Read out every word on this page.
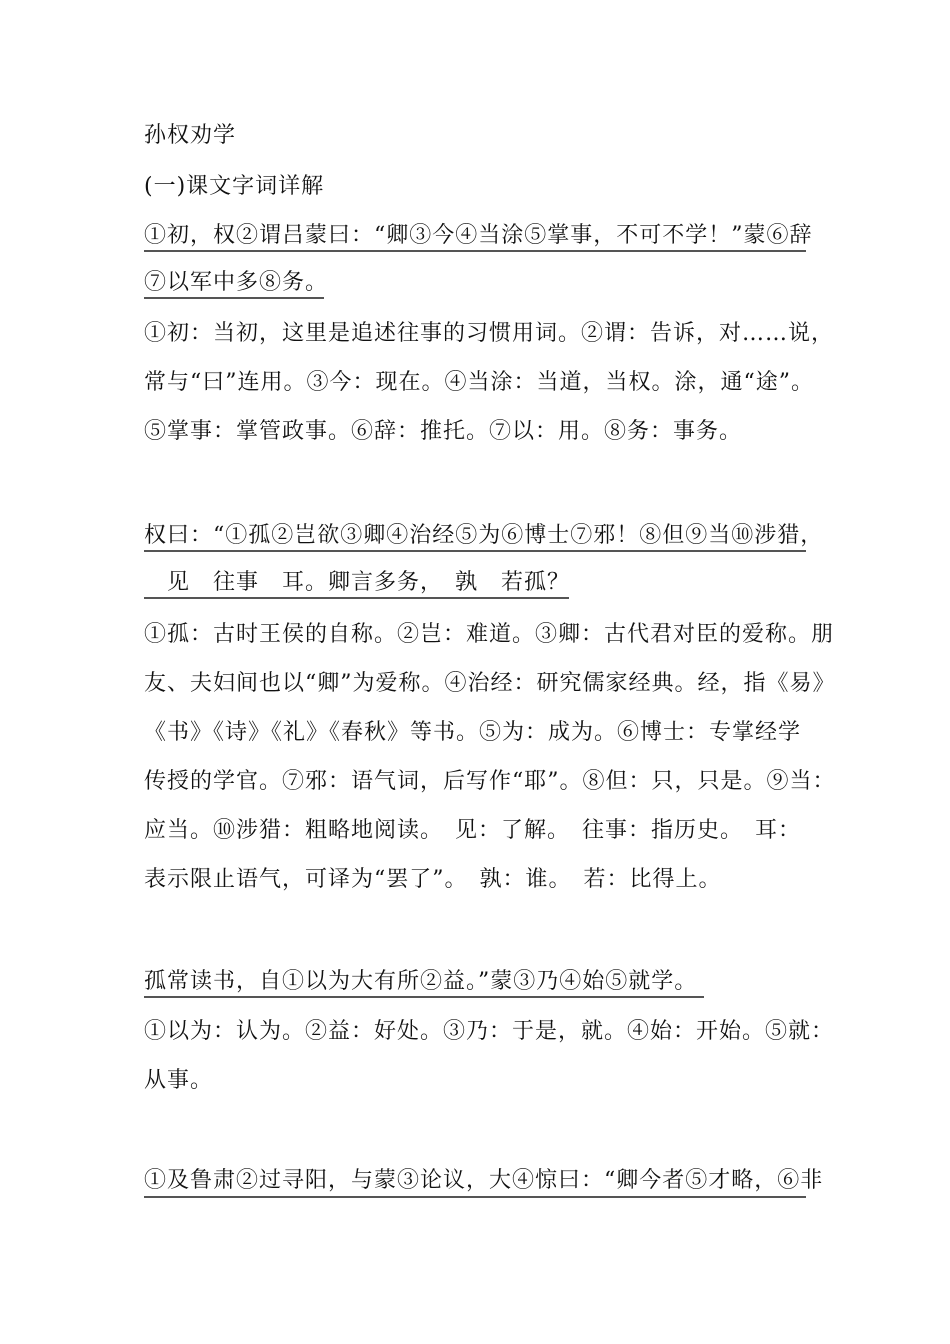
孙权劝学
(一)课文字词详解
①初，权②谓吕蒙曰：“卿③今④当涂⑤掌事，不可不学！”蒙⑥辞
⑦以军中多⑧务。
①初：当初，这里是追述往事的习惯用词。②谓：告诉，对……说，
常与“曰”连用。③今：现在。④当涂：当道，当权。涂，通“途”。
⑤掌事：掌管政事。⑥辞：推托。⑦以：用。⑧务：事务。
权曰：“①孤②岂欲③卿④治经⑤为⑥博士⑦邪！⑧但⑨当⑩涉猎，
　见　往事　耳。卿言多务，　孰　若孤？
①孤：古时王侯的自称。②岂：难道。③卿：古代君对臣的爱称。朋
友、夫妇间也以“卿”为爱称。④治经：研究儒家经典。经，指《易》
《书》《诗》《礼》《春秋》等书。⑤为：成为。⑥博士：专掌经学
传授的学官。⑦邪：语气词，后写作“耶”。⑧但：只，只是。⑨当：
应当。⑩涉猎：粗略地阅读。　见：了解。　往事：指历史。　耳：
表示限止语气，可译为“罢了”。　孰：谁。　若：比得上。
孤常读书，自①以为大有所②益。”蒙③乃④始⑤就学。
①以为：认为。②益：好处。③乃：于是，就。④始：开始。⑤就：
从事。
①及鲁肃②过寻阳，与蒙③论议，大④惊曰：“卿今者⑤才略，⑥非
